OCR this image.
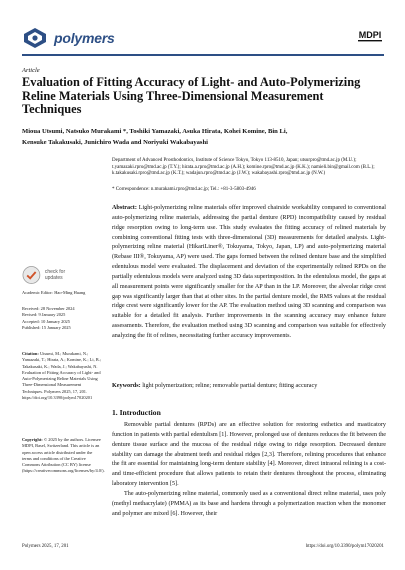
polymers	MDPI
Article
Evaluation of Fitting Accuracy of Light- and Auto-Polymerizing Reline Materials Using Three-Dimensional Measurement Techniques
Mioua Utsumi, Natsuko Murakami *, Toshiki Yamazaki, Asuka Hirata, Kohei Komine, Bin Li,
Kensuke Takakusaki, Junichiro Wada and Noriyuki Wakabayashi
Department of Advanced Prosthodontics, Institute of Science Tokyo, Tokyo 113-8510, Japan; utsurpro@tmd.ac.jp (M.U.); t.yamazaki.rpro@tmd.ac.jp (T.Y.); hirata.a.rpro@tmd.ac.jp (A.H.); komine.rpro@tmd.ac.jp (K.K.); namieli.bin@gmail.com (B.L.); k.takakusaki.rpro@tmd.ac.jp (K.T.); wadajun.rpro@tmd.ac.jp (J.W.); wakabayashi.rpro@tmd.ac.jp (N.W.)
* Correspondence: n.murakami.rpro@tmd.ac.jp; Tel.: +81-3-5803-4946
Abstract: Light-polymerizing reline materials offer improved chairside workability compared to conventional auto-polymerizing reline materials, addressing the partial denture (RPD) incompatibility caused by residual ridge resorption owing to long-term use. This study evaluates the fitting accuracy of relined materials by combining conventional fitting tests with three-dimensional (3D) measurements for detailed analysis. Light-polymerizing reline material (HikariLiner®, Tokuyama, Tokyo, Japan, LP) and auto-polymerizing material (Rebase III®, Tokuyama, AP) were used. The gaps formed between the relined denture base and the simplified edentulous model were evaluated. The displacement and deviation of the experimentally relined RPDs on the partially edentulous models were analyzed using 3D data superimposition. In the edentulous model, the gaps at all measurement points were significantly smaller for the AP than in the LP. Moreover, the alveolar ridge crest gap was significantly larger than that at other sites. In the partial denture model, the RMS values at the residual ridge crest were significantly lower for the AP. The evaluation method using 3D scanning and comparison was suitable for a detailed fit analysis. Further improvements in the scanning accuracy may enhance future assessments. Therefore, the evaluation method using 3D scanning and comparison was suitable for effectively analyzing the fit of relines, necessitating further accuracy improvements.
Keywords: light polymerization; reline; removable partial denture; fitting accuracy
check for updates
Academic Editor: Hao-Ming Huang
Received: 28 November 2024
Revised: 9 January 2025
Accepted: 10 January 2025
Published: 15 January 2025
Citation: Utsumi, M.; Murakami, N.; Yamazaki, T.; Hirata, A.; Komine, K.; Li, B.; Takakusaki, K.; Wada, J.; Wakabayashi, N. Evaluation of Fitting Accuracy of Light- and Auto-Polymerizing Reline Materials Using Three-Dimensional Measurement Techniques. Polymers 2025, 17, 201. https://doi.org/10.3390/polym17020201
Copyright: © 2025 by the authors. Licensee MDPI, Basel, Switzerland. This article is an open access article distributed under the terms and conditions of the Creative Commons Attribution (CC BY) license (https://creativecommons.org/licenses/by/4.0/).
1. Introduction

Removable partial dentures (RPDs) are an effective solution for restoring esthetics and masticatory function in patients with partial edentulism [1]. However, prolonged use of dentures reduces the fit between the denture tissue surface and the mucosa of the residual ridge owing to ridge resorption. Decreased denture stability can damage the abutment teeth and residual ridges [2,3]. Therefore, relining procedures that enhance the fit are essential for maintaining long-term denture stability [4]. Moreover, direct intraoral relining is a cost- and time-efficient procedure that allows patients to retain their dentures throughout the process, eliminating laboratory intervention [5].

The auto-polymerizing reline material, commonly used as a conventional direct reline material, uses poly (methyl methacrylate) (PMMA) as its base and hardens through a polymerization reaction when the monomer and polymer are mixed [6]. However, their

Polymers 2025, 17, 201	https://doi.org/10.3390/polym17020201
